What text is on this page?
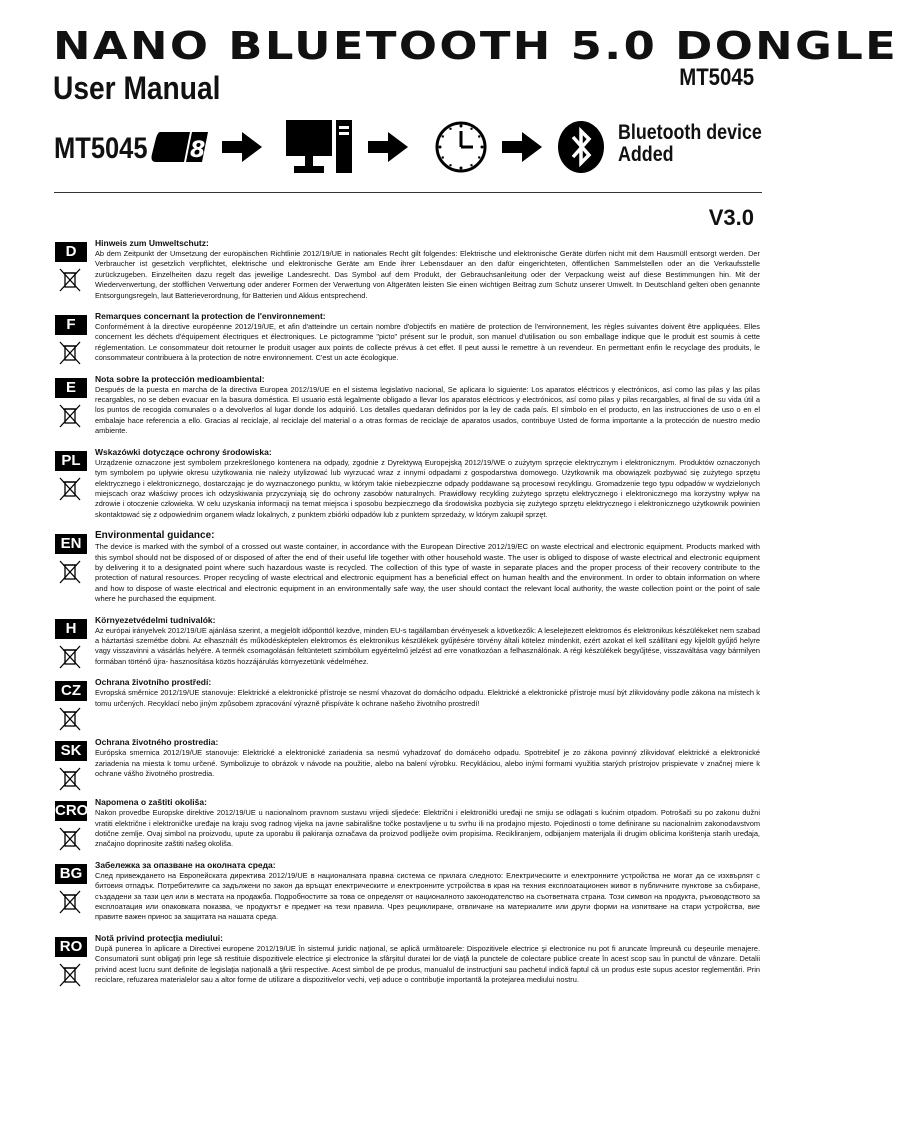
NANO BLUETOOTH 5.0 DONGLE
User Manual	MT5045
MT5045 8
Bluetooth device
Added
V3.0
D	Hinweis zum Umweltschutz:

Ab dem Zeitpunkt der Umsetzung der europäischen Richtlinie 2012/19/UE in nationales Recht gilt folgendes: Elektrische und elektronische Geräte dürfen nicht mit dem Hausmüll entsorgt werden. Der Verbraucher ist gesetzlich verpflichtet, elektrische und elektronische Geräte am Ende ihrer Lebensdauer an den dafür eingerichteten, öffentlichen Sammelstellen oder an die Verkaufsstelle zurückzugeben. Einzelheiten dazu regelt das jeweilige Landesrecht. Das Symbol auf dem Produkt, der Gebrauchsanleitung oder der Verpackung weist auf diese Bestimmungen hin. Mit der Wiederverwertung, der stofflichen Verwertung oder anderer Formen der Verwertung von Altgeräten leisten Sie einen wichtigen Beitrag zum Schutz unserer Umwelt. In Deutschland gelten oben genannte Entsorgungsregeln, laut Batterieverordnung, für Batterien und Akkus entsprechend.

F	Remarques concernant la protection de l'environnement:

Conformément à la directive européenne 2012/19/UE, et afin d'atteindre un certain nombre d'objectifs en matière de protection de l'environnement, les règles suivantes doivent être appliquées. Elles concernent les déchets d'équipement électriques et électroniques. Le pictogramme "picto" présent sur le produit, son manuel d'utilisation ou son emballage indique que le produit est soumis à cette réglementation. Le consommateur doit retourner le produit usager aux points de collecte prévus à cet effet. Il peut aussi le remettre à un revendeur. En permettant enfin le recyclage des produits, le consommateur contribuera à la protection de notre environnement. C'est un acte écologique.

E	Nota sobre la protección medioambiental:

Después de la puesta en marcha de la directiva Europea 2012/19/UE en el sistema legislativo nacional, Se aplicara lo siguiente: Los aparatos eléctricos y electrónicos, así como las pilas y las pilas recargables, no se deben evacuar en la basura doméstica. El usuario está legalmente obligado a llevar los aparatos eléctricos y electrónicos, así como pilas y pilas recargables, al final de su vida útil a los puntos de recogida comunales o a devolverlos al lugar donde los adquirió. Los detalles quedaran definidos por la ley de cada país. El símbolo en el producto, en las instrucciones de uso o en el embalaje hace referencia a ello. Gracias al reciclaje, al reciclaje del material o a otras formas de reciclaje de aparatos usados, contribuye Usted de forma importante a la protección de nuestro medio ambiente.

PL	Wskazówki dotyczące ochrony środowiska:

Urządzenie oznaczone jest symbolem przekreślonego kontenera na odpady, zgodnie z Dyrektywą Europejską 2012/19/WE o zużytym sprzęcie elektrycznym i elektronicznym. Produktów oznaczonych tym symbolem po upływie okresu użytkowania nie należy utylizować lub wyrzucać wraz z innymi odpadami z gospodarstwa domowego. Użytkownik ma obowiązek pozbywać się zużytego sprzętu elektrycznego i elektronicznego, dostarczając je do wyznaczonego punktu, w którym takie niebezpieczne odpady poddawane są procesowi recyklingu. Gromadzenie tego typu odpadów w wydzielonych miejscach oraz właściwy proces ich odzyskiwania przyczyniają się do ochrony zasobów naturalnych. Prawidłowy recykling zużytego sprzętu elektrycznego i elektronicznego ma korzystny wpływ na zdrowie i otoczenie człowieka. W celu uzyskania informacji na temat miejsca i sposobu bezpiecznego dla środowiska pozbycia się zużytego sprzętu elektrycznego i elektronicznego użytkownik powinien skontaktować się z odpowiednim organem władz lokalnych, z punktem zbiórki odpadów lub z punktem sprzedaży, w którym zakupił sprzęt.

EN	Environmental guidance:

The device is marked with the symbol of a crossed out waste container, in accordance with the European Directive 2012/19/EC on waste electrical and electronic equipment. Products marked with this symbol should not be disposed of or disposed of after the end of their useful life together with other household waste. The user is obliged to dispose of waste electrical and electronic equipment by delivering it to a designated point where such hazardous waste is recycled. The collection of this type of waste in separate places and the proper process of their recovery contribute to the protection of natural resources. Proper recycling of waste electrical and electronic equipment has a beneficial effect on human health and the environment. In order to obtain information on where and how to dispose of waste electrical and electronic equipment in an environmentally safe way, the user should contact the relevant local authority, the waste collection point or the point of sale where he purchased the equipment.

H	Környezetvédelmi tudnivalók:

Az európai irányelvek 2012/19/UE ajánlása szerint, a megjelölt időponttól kezdve, minden EU-s tagállamban érvényesek a következők: A leselejtezett elektromos és elektronikus készülékeket nem szabad a háztartási szemétbe dobni. Az elhasznált és működésképtelen elektromos és elektronikus készülékek gyűjtésére törvény általi kötelez mindenkit, ezért azokat el kell szállítani egy kijelölt gyűjtő helyre vagy visszavinni a vásárlás helyére. A termék csomagolásán feltüntetett szimbólum egyértelmű jelzést ad erre vonatkozóan a felhasználónak. A régi készülékek begyűjtése, visszaváltása vagy bármilyen formában történő újra- hasznosítása közös hozzájárulás környezetünk védelméhez.

CZ	Ochrana životního prostředí:

Evropská směrnice 2012/19/UE stanovuje: Elektrické a elektronické přístroje se nesmí vhazovat do domácího odpadu. Elektrické a elektronické přístroje musí být zlikvidovány podle zákona na místech k tomu určených. Recyklací nebo jiným způsobem zpracování výrazně přispíváte k ochrane našeho životního prostredí!

SK	Ochrana životného prostredia:

Európska smernica 2012/19/UE stanovuje: Elektrické a elektronické zariadenia sa nesmú vyhadzovať do domáceho odpadu. Spotrebiteľ je zo zákona povinný zlikvidovať elektrické a elektronické zariadenia na miesta k tomu určené. Symbolizuje to obrázok v návode na použitie, alebo na balení výrobku. Recykláciou, alebo inými formami využitia starých prístrojov prispievate v značnej miere k ochrane vášho životného prostredia.

CRO Napomena o zaštiti okoliša:

Nakon provedbe Europske direktive 2012/19/UE u nacionalnom pravnom sustavu vrijedi sljedeće: Električni i elektronički uređaji ne smiju se odlagati s kućnim otpadom. Potrošači su po zakonu dužni vratiti električne i elektroničke uređaje na kraju svog radnog vijeka na javne sabirališne točke postavljene u tu svrhu ili na prodajno mjesto. Pojedinosti o tome definirane su nacionalnim zakonodavstvom dotične zemlje. Ovaj simbol na proizvodu, upute za uporabu ili pakiranja označava da proizvod podliježe ovim propisima. Recikliranjem, odbijanjem materijala ili drugim oblicima korištenja starih uređaja, značajno doprinosite zaštiti našeg okoliša.

BG	Забележка за опазване на околната среда:

След привеждането на Европейската директива 2012/19/UE в националната правна система се прилага следното: Електрическите и електронните устройства не могат да се изхвърлят с битовия отпадък. Потребителите са задължени по закон да връщат електрическите и електронните устройства в края на техния експлоатационен живот в публичните пунктове за събиране, създадени за тази цел или в местата на продажба. Подробностите за това се определят от националното законодателство на съответната страна. Този символ на продукта, ръководството за експлоатация или опаковката показва, че продуктът е предмет на тези правила. Чрез рециклиране, отвличане на материалите или други форми на изпитване на стари устройства, вие правите важен принос за защитата на нашата среда.

RO	Notă privind protecţia mediului:

După punerea în aplicare a Directivei europene 2012/19/UE în sistemul juridic naţional, se aplică următoarele: Dispozitivele electrice şi electronice nu pot fi aruncate împreună cu deşeurile menajere. Consumatorii sunt obligaţi prin lege să restituie dispozitivele electrice şi electronice la sfârşitul duratei lor de viaţă la punctele de colectare publice create în acest scop sau în punctul de vânzare. Detalii privind acest lucru sunt definite de legislaţia naţională a ţării respective. Acest simbol de pe produs, manualul de instrucţiuni sau pachetul indică faptul că un produs este supus acestor reglementări. Prin reciclare, refuzarea materialelor sau a altor forme de utilizare a dispozitivelor vechi, veţi aduce o contribuţie importantă la protejarea mediului nostru.
